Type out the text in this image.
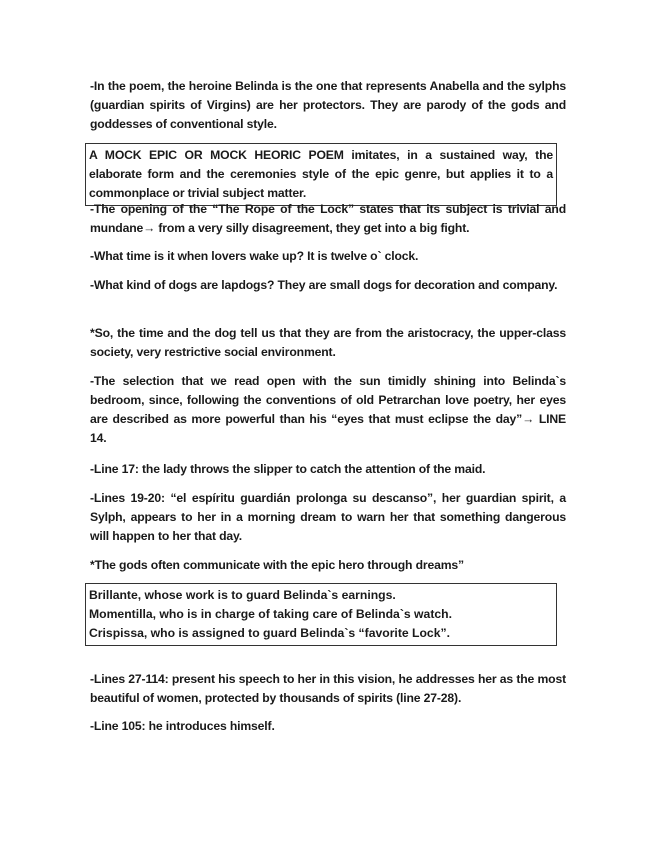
-In the poem, the heroine Belinda is the one that represents Anabella and the sylphs (guardian spirits of Virgins) are her protectors. They are parody of the gods and goddesses of conventional style.

A MOCK EPIC OR MOCK HEORIC POEM imitates, in a sustained way, the elaborate form and the ceremonies style of the epic genre, but applies it to a commonplace or trivial subject matter.

-The opening of the “The Rope of the Lock” states that its subject is trivial and mundane→ from a very silly disagreement, they get into a big fight.

-What time is it when lovers wake up? It is twelve o` clock.

-What kind of dogs are lapdogs? They are small dogs for decoration and company.

*So, the time and the dog tell us that they are from the aristocracy, the upper-class society, very restrictive social environment.

-The selection that we read open with the sun timidly shining into Belinda`s bedroom, since, following the conventions of old Petrarchan love poetry, her eyes are described as more powerful than his “eyes that must eclipse the day”→ LINE 14.

-Line 17: the lady throws the slipper to catch the attention of the maid.

-Lines 19-20: “el espíritu guardián prolonga su descanso”, her guardian spirit, a Sylph, appears to her in a morning dream to warn her that something dangerous will happen to her that day.

*The gods often communicate with the epic hero through dreams”

Brillante, whose work is to guard Belinda`s earnings.
Momentilla, who is in charge of taking care of Belinda`s watch.
Crispissa, who is assigned to guard Belinda`s “favorite Lock”.

-Lines 27-114: present his speech to her in this vision, he addresses her as the most beautiful of women, protected by thousands of spirits (line 27-28).

-Line 105: he introduces himself.
